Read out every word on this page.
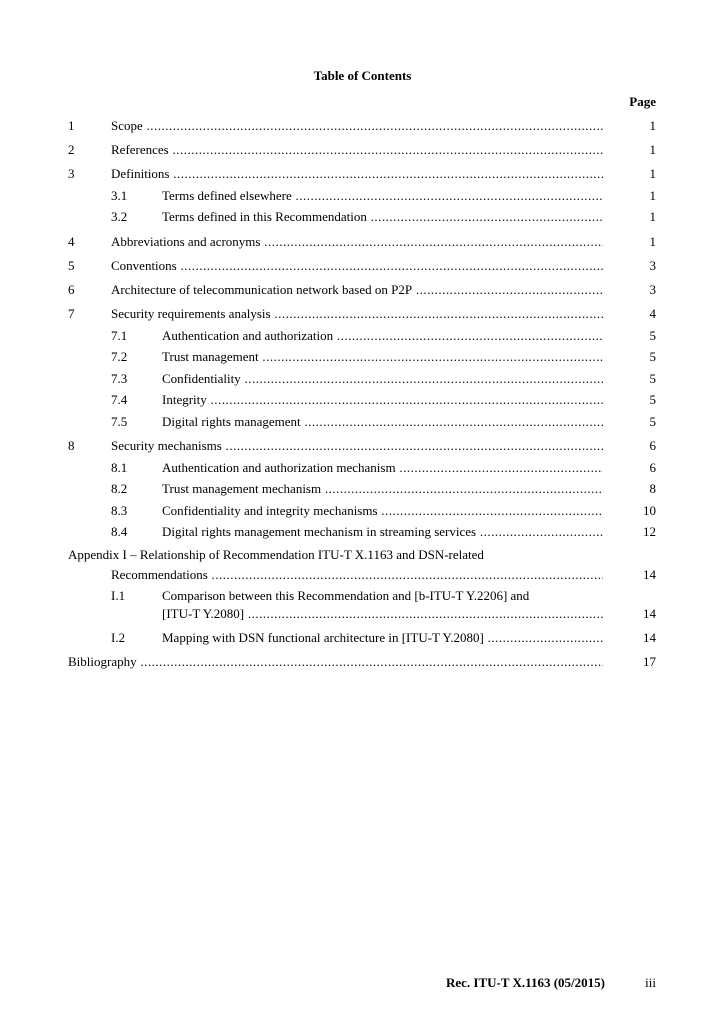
Table of Contents
Page
1	Scope .....	1
2	References .....	1
3	Definitions .....	1
3.1	Terms defined elsewhere .....	1
3.2	Terms defined in this Recommendation .....	1
4	Abbreviations and acronyms .....	1
5	Conventions .....	3
6	Architecture of telecommunication network based on P2P .....	3
7	Security requirements analysis .....	4
7.1	Authentication and authorization .....	5
7.2	Trust management .....	5
7.3	Confidentiality .....	5
7.4	Integrity .....	5
7.5	Digital rights management .....	5
8	Security mechanisms .....	6
8.1	Authentication and authorization mechanism .....	6
8.2	Trust management mechanism .....	8
8.3	Confidentiality and integrity mechanisms .....	10
8.4	Digital rights management mechanism in streaming services .....	12
Appendix I – Relationship of Recommendation ITU-T X.1163 and DSN-related
Recommendations .....	14
I.1	Comparison between this Recommendation and [b-ITU-T Y.2206] and
[ITU-T Y.2080] .....	14
I.2	Mapping with DSN functional architecture in [ITU-T Y.2080] .....	14
Bibliography .....	17
Rec. ITU-T X.1163 (05/2015)	iii
